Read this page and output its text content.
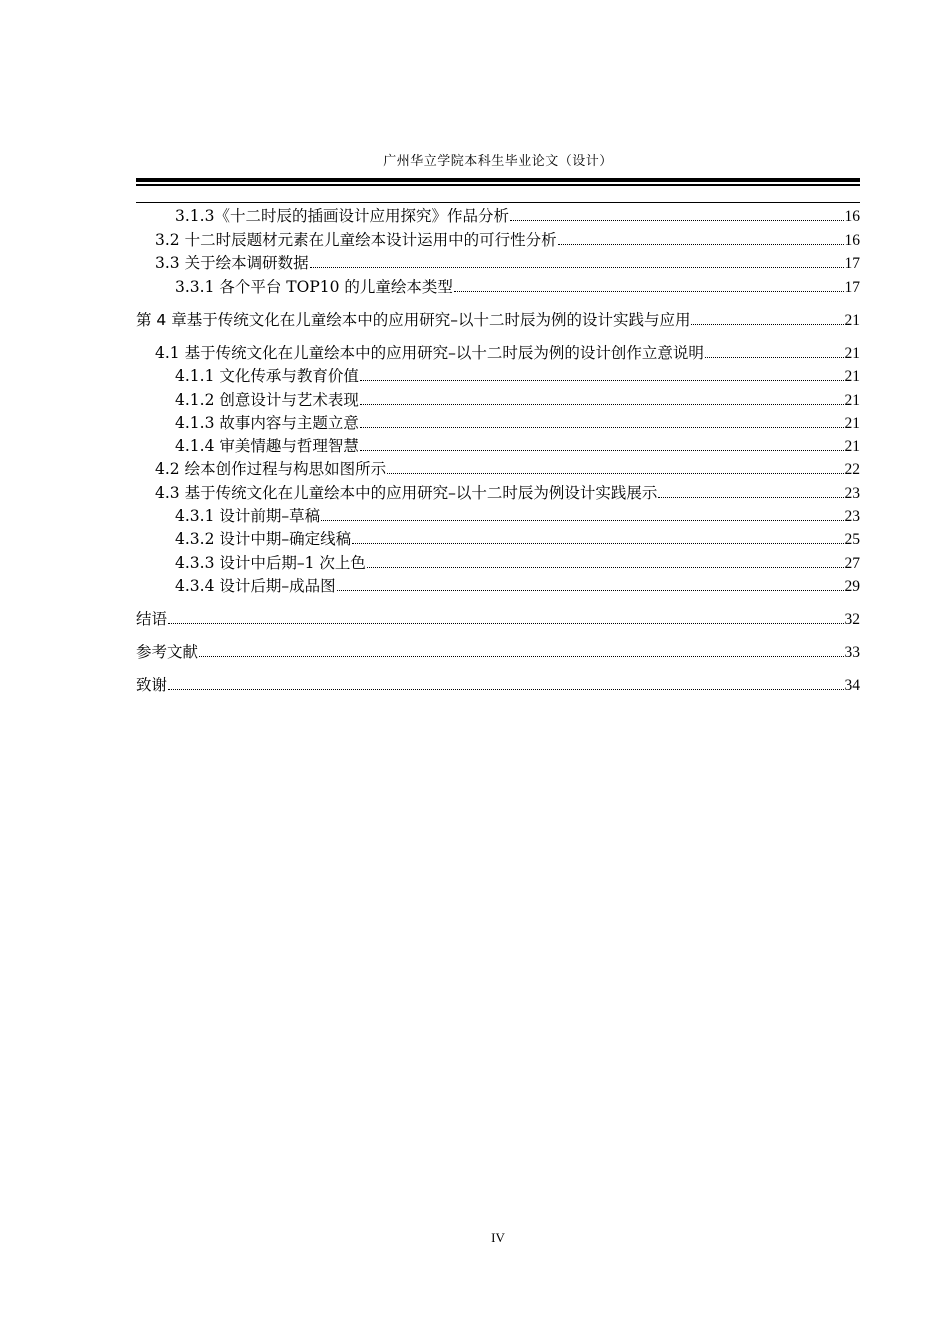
广州华立学院本科生毕业论文（设计）
3.1.3《十二时辰的插画设计应用探究》作品分析	16
3.2 十二时辰题材元素在儿童绘本设计运用中的可行性分析	16
3.3 关于绘本调研数据	17
3.3.1 各个平台 TOP10 的儿童绘本类型	17
第 4 章基于传统文化在儿童绘本中的应用研究–以十二时辰为例的设计实践与应用	21
4.1 基于传统文化在儿童绘本中的应用研究–以十二时辰为例的设计创作立意说明	21
4.1.1 文化传承与教育价值	21
4.1.2 创意设计与艺术表现	21
4.1.3 故事内容与主题立意	21
4.1.4 审美情趣与哲理智慧	21
4.2 绘本创作过程与构思如图所示	22
4.3 基于传统文化在儿童绘本中的应用研究–以十二时辰为例设计实践展示	23
4.3.1 设计前期–草稿	23
4.3.2 设计中期–确定线稿	25
4.3.3 设计中后期–1 次上色	27
4.3.4 设计后期–成品图	29
结语	32
参考文献	33
致谢	34
IV
